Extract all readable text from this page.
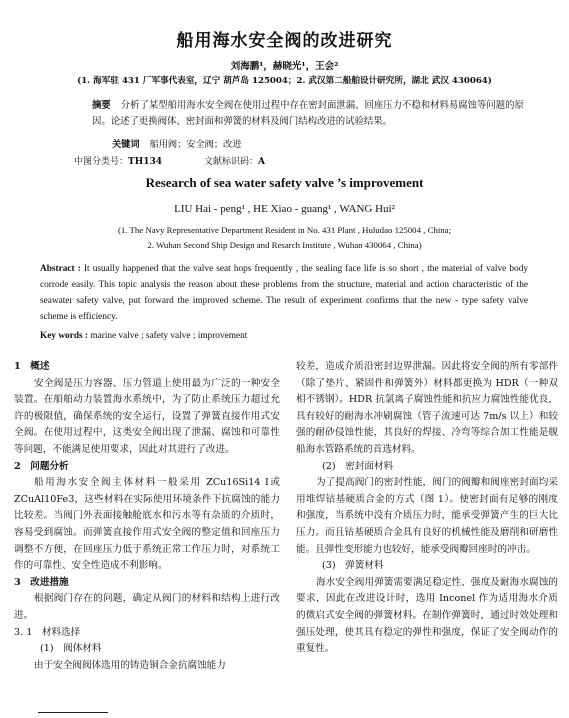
船用海水安全阀的改进研究
刘海鹏¹，赫晓光¹，王会²
(1. 海军驻 431 厂军事代表室，辽宁 葫芦岛 125004；2. 武汉第二船舶设计研究所，湖北 武汉 430064)
摘要 分析了某型船用海水安全阀在使用过程中存在密封面泄漏、回座压力不稳和材料易腐蚀等问题的原因。论述了更换阀体、密封面和弹簧的材料及阀门结构改进的试验结果。
关键词 船用阀；安全阀；改进
中图分类号：TH134	文献标识码：A
Research of sea water safety valve ’s improvement
LIU Hai - peng¹ , HE Xiao - guang¹ , WANG Hui²
(1. The Navy Representative Department Resident in No. 431 Plant , Huludao 125004 , China;
2. Wuhan Second Ship Design and Resarch Institute , Wuhan 430064 , China)
Abstract : It usually happened that the valve seat hops frequently , the sealing face life is so short , the material of valve body corrode easily. This topic analysis the reason about these problems from the structure, material and action characteristic of the seawater safety valve, put forward the improved scheme. The result of experiment confirms that the new - type safety valve scheme is efficiency.
Key words : marine valve ; safety valve ; improvement
1　概述
安全阀是压力容器、压力管道上使用最为广泛的一种安全装置。在船舶动力装置海水系统中，为了防止系统压力超过允许的极限值，确保系统的安全运行，设置了弹簧直接作用式安全阀。在使用过程中，这类安全阀出现了泄漏、腐蚀和可靠性等问题，不能满足使用要求，因此对其进行了改进。
2　问题分析
船用海水安全阀主体材料一般采用 ZCu16Si14 Ⅰ或 ZCuAl10Fe3，这些材料在实际使用环境条件下抗腐蚀的能力比较差。当阀门外表面接触舱底水和污水等有杂质的介质时，容易受到腐蚀。而弹簧直接作用式安全阀的整定值和回座压力调整不方便，在回座压力低于系统正常工作压力时，对系统工作的可靠性、安全性造成不利影响。
3　改进措施
根据阀门存在的问题，确定从阀门的材料和结构上进行改进。
3. 1　材料选择
(1)　阀体材料
由于安全阀阀体选用的铸造铜合金抗腐蚀能力
较差，造成介质沿密封边界泄漏。因此将安全阀的所有零部件（除了垫片、紧固件和弹簧外）材料都更换为 HDR（一种双相不锈钢）。HDR 抗氯离子腐蚀性能和抗应力腐蚀性能优良，具有较好的耐海水冲刷腐蚀（管子流速可达 7m/s 以上）和较强的耐砂侵蚀性能，其良好的焊接、冷弯等综合加工性能是舰船海水管路系统的首选材料。
(2)　密封面材料
为了提高阀门的密封性能，阀门的阀瓣和阀座密封面均采用堆焊钴基硬质合金的方式（图 1）。使密封面有足够的刚度和强度，当系统中没有介质压力时，能承受弹簧产生的巨大比压力。而且钴基硬质合金具有良好的机械性能及磨削和研磨性能。且弹性变形能力也较好，能承受阀瓣回座时的冲击。
(3)　弹簧材料
海水安全阀用弹簧需要满足稳定性、强度及耐海水腐蚀的要求，因此在改进设计时，选用 Inconel 作为适用海水介质的微启式安全阀的弹簧材料。在制作弹簧时，通过时效处理和强压处理，使其具有稳定的弹性和强度，保证了安全阀动作的重复性。
